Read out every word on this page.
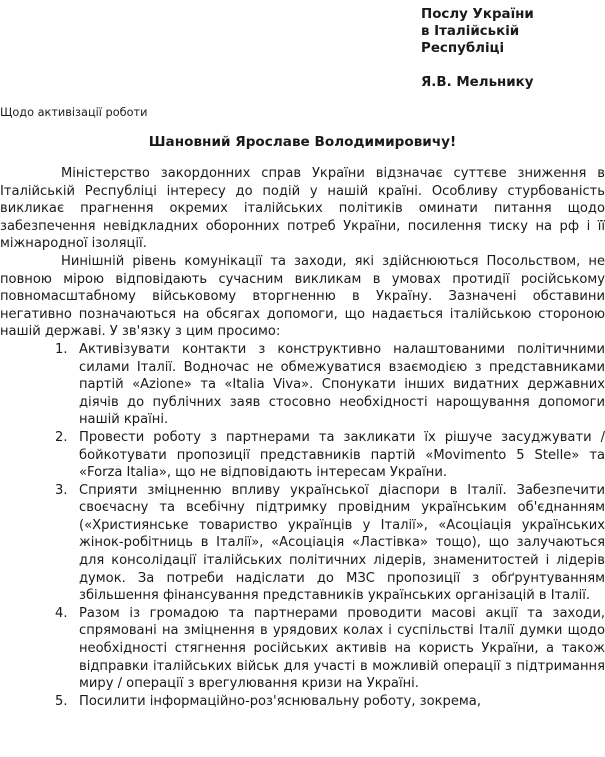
Послу України
в Італійській Республіці
Я.В. Мельнику
Щодо активізації роботи
Шановний Ярославе Володимировичу!

Міністерство закордонних справ України відзначає суттєве зниження в Італійській Республіці інтересу до подій у нашій країні. Особливу стурбованість викликає прагнення окремих італійських політиків оминати питання щодо забезпечення невідкладних оборонних потреб України, посилення тиску на рф і її міжнародної ізоляції.

Нинішній рівень комунікації та заходи, які здійснюються Посольством, не повною мірою відповідають сучасним викликам в умовах протидії російському повномасштабному військовому вторгненню в Україну. Зазначені обставини негативно позначаються на обсягах допомоги, що надається італійською стороною нашій державі. У зв'язку з цим просимо:

1. Активізувати контакти з конструктивно налаштованими політичними силами Італії. Водночас не обмежуватися взаємодією з представниками партій «Azione» та «Italia Viva». Спонукати інших видатних державних діячів до публічних заяв стосовно необхідності нарощування допомоги нашій країні.
2. Провести роботу з партнерами та закликати їх рішуче засуджувати / бойкотувати пропозиції представників партій «Movimento 5 Stelle» та «Forza Italia», що не відповідають інтересам України.
3. Сприяти зміцненню впливу української діаспори в Італії. Забезпечити своєчасну та всебічну підтримку провідним українським об'єднанням («Християнське товариство українців у Італії», «Асоціація українських жінок-робітниць в Італії», «Асоціація «Ластівка» тощо), що залучаються для консолідації італійських політичних лідерів, знаменитостей і лідерів думок. За потреби надіслати до МЗС пропозиції з обґрунтуванням збільшення фінансування представників українських організацій в Італії.
4. Разом із громадою та партнерами проводити масові акції та заходи, спрямовані на зміцнення в урядових колах і суспільстві Італії думки щодо необхідності стягнення російських активів на користь України, а також відправки італійських військ для участі в можливій операції з підтримання миру / операції з врегулювання кризи на Україні.
5. Посилити інформаційно-роз'яснювальну роботу, зокрема,
